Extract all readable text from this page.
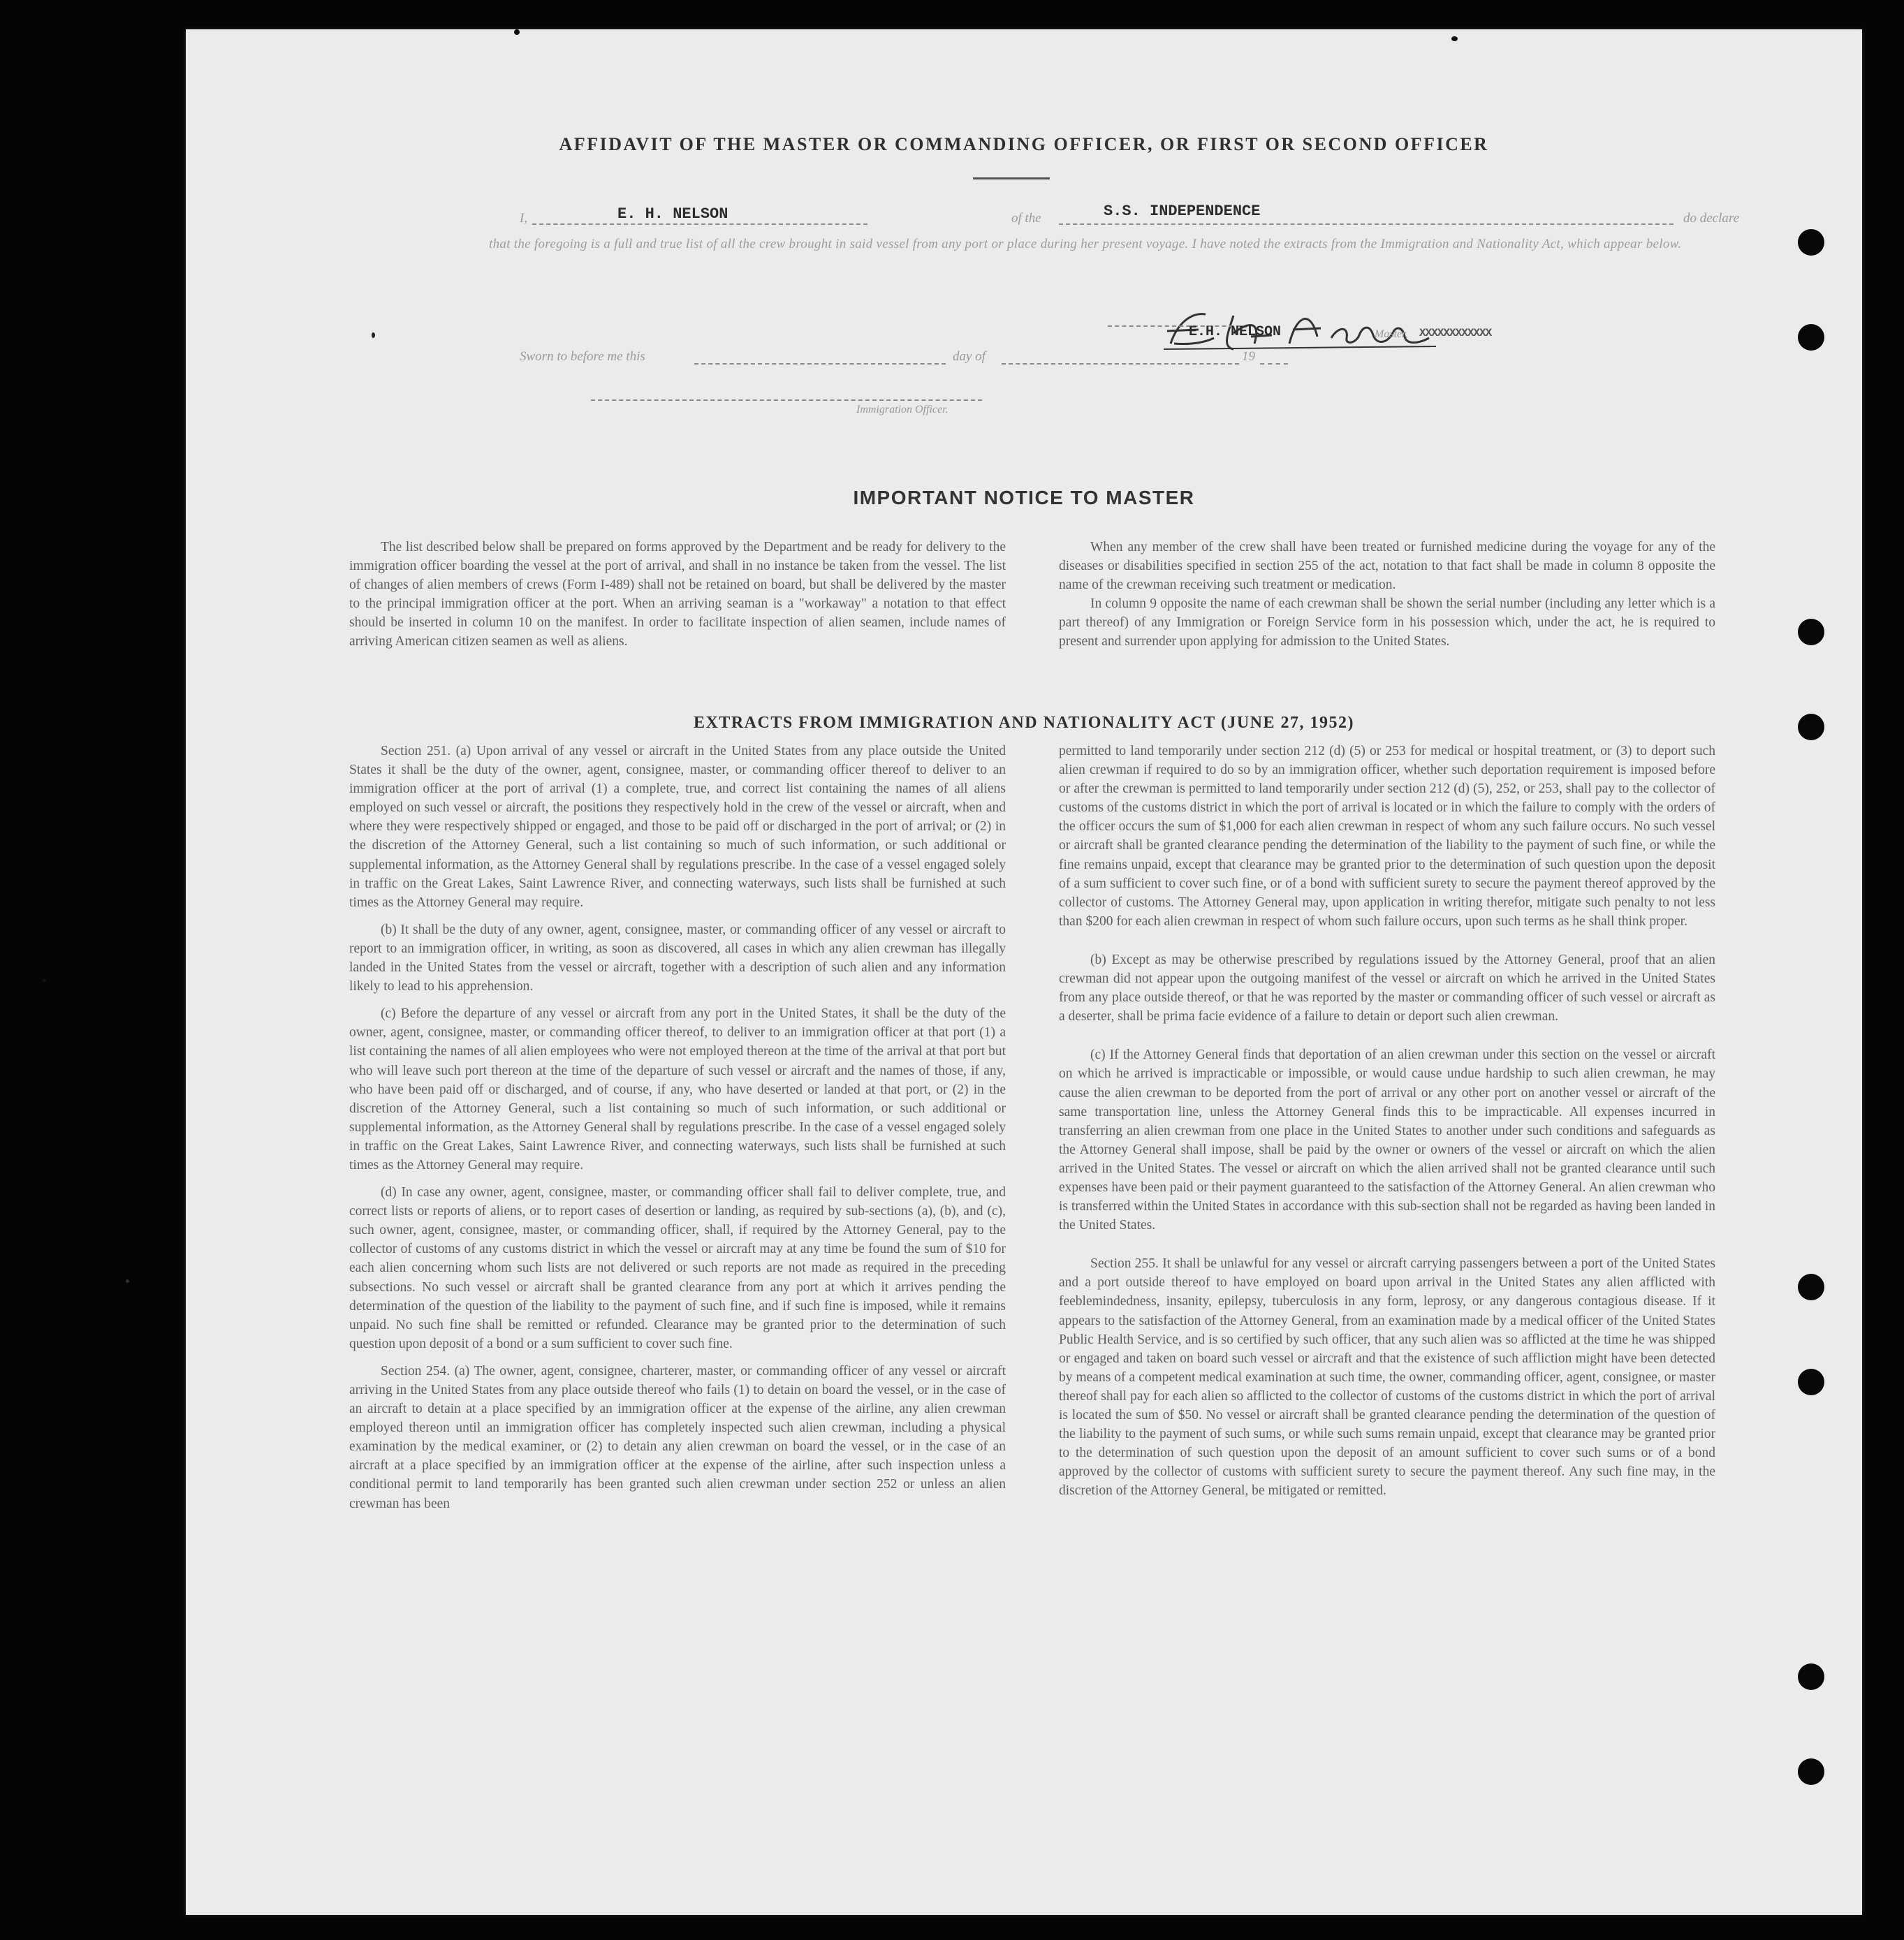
AFFIDAVIT OF THE MASTER OR COMMANDING OFFICER, OR FIRST OR SECOND OFFICER
I,	E. H. NELSON	of the	S.S. INDEPENDENCE	do declare
that the foregoing is a full and true list of all the crew brought in said vessel from any port or place during her present voyage. I have noted the extracts from the Immigration and Nationality Act, which appear below.
E.H. NELSON	Master, XXXXXXXXXXXX
Sworn to before me this	day of	19
Immigration Officer.
IMPORTANT NOTICE TO MASTER

The list described below shall be prepared on forms approved by the Department and be ready for delivery to the immigration officer boarding the vessel at the port of arrival, and shall in no instance be taken from the vessel. The list of changes of alien members of crews (Form I-489) shall not be retained on board, but shall be delivered by the master to the principal immigration officer at the port. When an arriving seaman is a "workaway" a notation to that effect should be inserted in column 10 on the manifest. In order to facilitate inspection of alien seamen, include names of arriving American citizen seamen as well as aliens.

When any member of the crew shall have been treated or furnished medicine during the voyage for any of the diseases or disabilities specified in section 255 of the act, notation to that fact shall be made in column 8 opposite the name of the crewman receiving such treatment or medication.

In column 9 opposite the name of each crewman shall be shown the serial number (including any letter which is a part thereof) of any Immigration or Foreign Service form in his possession which, under the act, he is required to present and surrender upon applying for admission to the United States.

EXTRACTS FROM IMMIGRATION AND NATIONALITY ACT (JUNE 27, 1952)

Section 251. (a) Upon arrival of any vessel or aircraft in the United States from any place outside the United States it shall be the duty of the owner, agent, consignee, master, or commanding officer thereof to deliver to an immigration officer at the port of arrival (1) a complete, true, and correct list containing the names of all aliens employed on such vessel or aircraft, the positions they respectively hold in the crew of the vessel or aircraft, when and where they were respectively shipped or engaged, and those to be paid off or discharged in the port of arrival; or (2) in the discretion of the Attorney General, such a list containing so much of such information, or such additional or supplemental information, as the Attorney General shall by regulations prescribe. In the case of a vessel engaged solely in traffic on the Great Lakes, Saint Lawrence River, and connecting waterways, such lists shall be furnished at such times as the Attorney General may require.

(b) It shall be the duty of any owner, agent, consignee, master, or commanding officer of any vessel or aircraft to report to an immigration officer, in writing, as soon as discovered, all cases in which any alien crewman has illegally landed in the United States from the vessel or aircraft, together with a description of such alien and any information likely to lead to his apprehension.

(c) Before the departure of any vessel or aircraft from any port in the United States, it shall be the duty of the owner, agent, consignee, master, or commanding officer thereof, to deliver to an immigration officer at that port (1) a list containing the names of all alien employees who were not employed thereon at the time of the arrival at that port but who will leave such port thereon at the time of the departure of such vessel or aircraft and the names of those, if any, who have been paid off or discharged, and of course, if any, who have deserted or landed at that port, or (2) in the discretion of the Attorney General, such a list containing so much of such information, or such additional or supplemental information, as the Attorney General shall by regulations prescribe. In the case of a vessel engaged solely in traffic on the Great Lakes, Saint Lawrence River, and connecting waterways, such lists shall be furnished at such times as the Attorney General may require.

(d) In case any owner, agent, consignee, master, or commanding officer shall fail to deliver complete, true, and correct lists or reports of aliens, or to report cases of desertion or landing, as required by sub-sections (a), (b), and (c), such owner, agent, consignee, master, or commanding officer, shall, if required by the Attorney General, pay to the collector of customs of any customs district in which the vessel or aircraft may at any time be found the sum of $10 for each alien concerning whom such lists are not delivered or such reports are not made as required in the preceding subsections. No such vessel or aircraft shall be granted clearance from any port at which it arrives pending the determination of the question of the liability to the payment of such fine, and if such fine is imposed, while it remains unpaid. No such fine shall be remitted or refunded. Clearance may be granted prior to the determination of such question upon deposit of a bond or a sum sufficient to cover such fine.

Section 254. (a) The owner, agent, consignee, charterer, master, or commanding officer of any vessel or aircraft arriving in the United States from any place outside thereof who fails (1) to detain on board the vessel, or in the case of an aircraft to detain at a place specified by an immigration officer at the expense of the airline, any alien crewman employed thereon until an immigration officer has completely inspected such alien crewman, including a physical examination by the medical examiner, or (2) to detain any alien crewman on board the vessel, or in the case of an aircraft at a place specified by an immigration officer at the expense of the airline, after such inspection unless a conditional permit to land temporarily has been granted such alien crewman under section 252 or unless an alien crewman has been

permitted to land temporarily under section 212 (d) (5) or 253 for medical or hospital treatment, or (3) to deport such alien crewman if required to do so by an immigration officer, whether such deportation requirement is imposed before or after the crewman is permitted to land temporarily under section 212 (d) (5), 252, or 253, shall pay to the collector of customs of the customs district in which the port of arrival is located or in which the failure to comply with the orders of the officer occurs the sum of $1,000 for each alien crewman in respect of whom any such failure occurs. No such vessel or aircraft shall be granted clearance pending the determination of the liability to the payment of such fine, or while the fine remains unpaid, except that clearance may be granted prior to the determination of such question upon the deposit of a sum sufficient to cover such fine, or of a bond with sufficient surety to secure the payment thereof approved by the collector of customs. The Attorney General may, upon application in writing therefor, mitigate such penalty to not less than $200 for each alien crewman in respect of whom such failure occurs, upon such terms as he shall think proper.

(b) Except as may be otherwise prescribed by regulations issued by the Attorney General, proof that an alien crewman did not appear upon the outgoing manifest of the vessel or aircraft on which he arrived in the United States from any place outside thereof, or that he was reported by the master or commanding officer of such vessel or aircraft as a deserter, shall be prima facie evidence of a failure to detain or deport such alien crewman.

(c) If the Attorney General finds that deportation of an alien crewman under this section on the vessel or aircraft on which he arrived is impracticable or impossible, or would cause undue hardship to such alien crewman, he may cause the alien crewman to be deported from the port of arrival or any other port on another vessel or aircraft of the same transportation line, unless the Attorney General finds this to be impracticable. All expenses incurred in transferring an alien crewman from one place in the United States to another under such conditions and safeguards as the Attorney General shall impose, shall be paid by the owner or owners of the vessel or aircraft on which the alien arrived in the United States. The vessel or aircraft on which the alien arrived shall not be granted clearance until such expenses have been paid or their payment guaranteed to the satisfaction of the Attorney General. An alien crewman who is transferred within the United States in accordance with this sub-section shall not be regarded as having been landed in the United States.

Section 255. It shall be unlawful for any vessel or aircraft carrying passengers between a port of the United States and a port outside thereof to have employed on board upon arrival in the United States any alien afflicted with feeblemindedness, insanity, epilepsy, tuberculosis in any form, leprosy, or any dangerous contagious disease. If it appears to the satisfaction of the Attorney General, from an examination made by a medical officer of the United States Public Health Service, and is so certified by such officer, that any such alien was so afflicted at the time he was shipped or engaged and taken on board such vessel or aircraft and that the existence of such affliction might have been detected by means of a competent medical examination at such time, the owner, commanding officer, agent, consignee, or master thereof shall pay for each alien so afflicted to the collector of customs of the customs district in which the port of arrival is located the sum of $50. No vessel or aircraft shall be granted clearance pending the determination of the question of the liability to the payment of such sums, or while such sums remain unpaid, except that clearance may be granted prior to the determination of such question upon the deposit of an amount sufficient to cover such sums or of a bond approved by the collector of customs with sufficient surety to secure the payment thereof. Any such fine may, in the discretion of the Attorney General, be mitigated or remitted.
